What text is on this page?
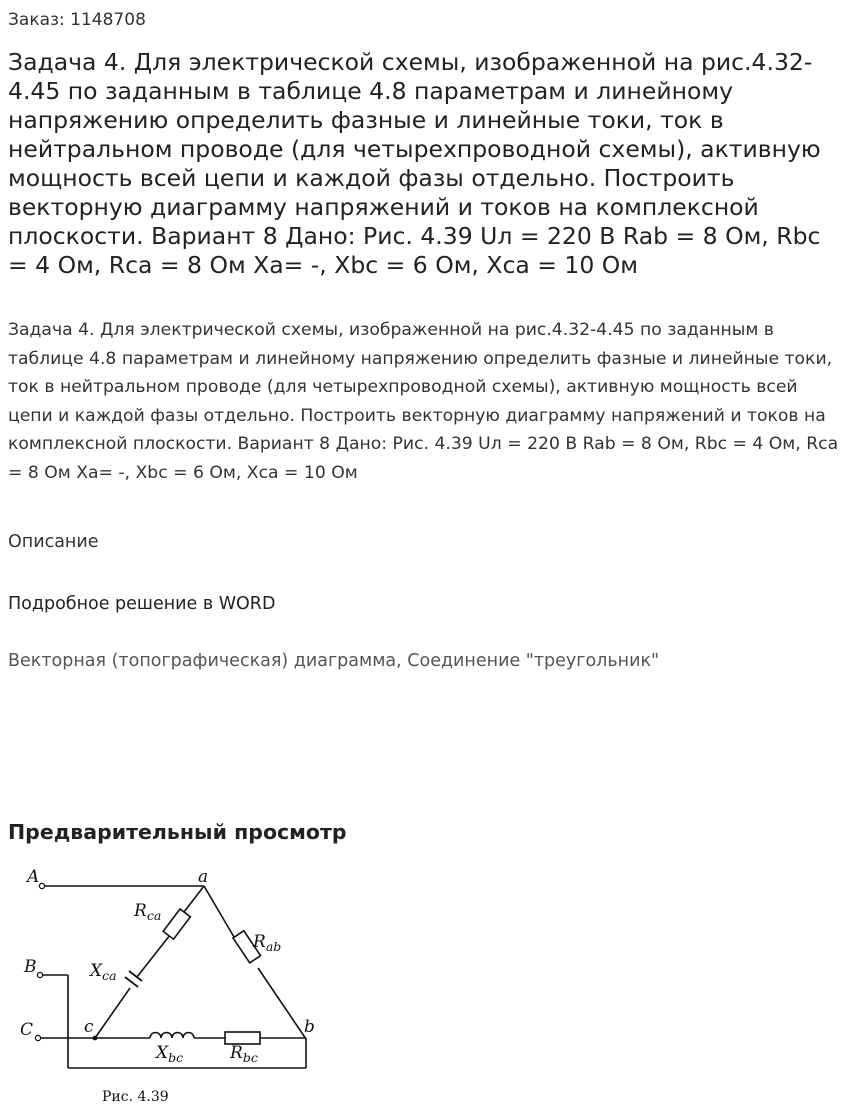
Заказ: 1148708
Задача 4. Для электрической схемы, изображенной на рис.4.32-4.45 по заданным в таблице 4.8 параметрам и линейному напряжению определить фазные и линейные токи, ток в нейтральном проводе (для четырехпроводной схемы), активную мощность всей цепи и каждой фазы отдельно. Построить векторную диаграмму напряжений и токов на комплексной плоскости. Вариант 8 Дано: Рис. 4.39 Uл = 220 В Rab = 8 Ом, Rbc = 4 Ом, Rca = 8 Ом Xa= -, Xbc = 6 Ом, Xca = 10 Ом
Задача 4. Для электрической схемы, изображенной на рис.4.32-4.45 по заданным в таблице 4.8 параметрам и линейному напряжению определить фазные и линейные токи, ток в нейтральном проводе (для четырехпроводной схемы), активную мощность всей цепи и каждой фазы отдельно. Построить векторную диаграмму напряжений и токов на комплексной плоскости. Вариант 8 Дано: Рис. 4.39 Uл = 220 В Rab = 8 Ом, Rbc = 4 Ом, Rca = 8 Ом Xa= -, Xbc = 6 Ом, Xca = 10 Ом
Описание
Подробное решение в WORD
Векторная (топографическая) диаграмма, Соединение "треугольник"
Предварительный просмотр
A
B
C
a
b
c
$R_{ca}$
$R_{ab}$
$X_{ca}$
$X_{bc}$	$R_{bc}$
Рис. 4.39
